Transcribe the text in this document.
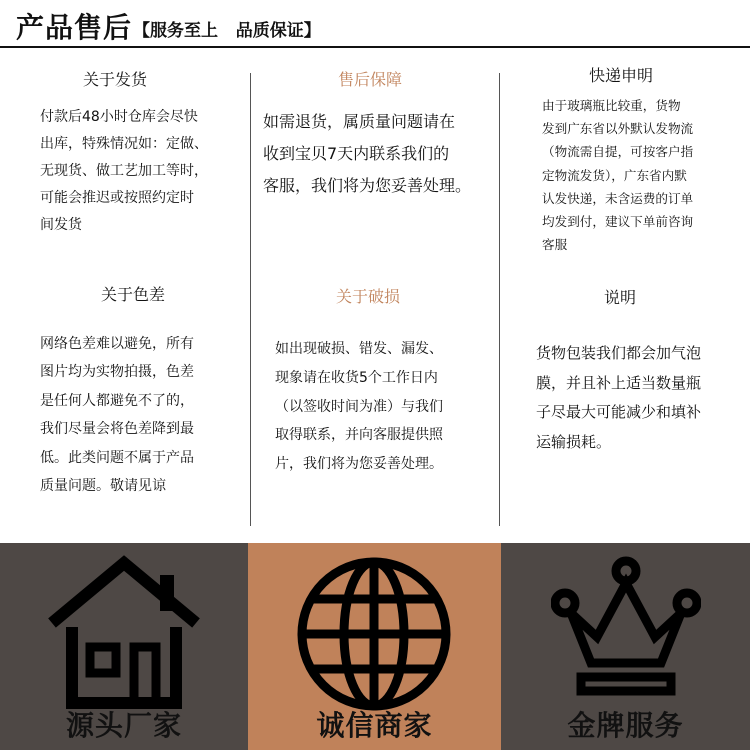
产品售后 【服务至上   品质保证】
关于发货
付款后48小时仓库会尽快
出库，特殊情况如：定做、
无现货、做工艺加工等时，
可能会推迟或按照约定时
间发货
售后保障
如需退货，属质量问题请在
收到宝贝7天内联系我们的
客服，我们将为您妥善处理。
快递申明
由于玻璃瓶比较重，货物
发到广东省以外默认发物流
（物流需自提，可按客户指
定物流发货），广东省内默
认发快递，未含运费的订单
均发到付，建议下单前咨询
客服
关于色差
网络色差难以避免，所有
图片均为实物拍摄，色差
是任何人都避免不了的，
我们尽量会将色差降到最
低。此类问题不属于产品
质量问题。敬请见谅
关于破损
如出现破损、错发、漏发、
现象请在收货5个工作日内
（以签收时间为准）与我们
取得联系，并向客服提供照
片，我们将为您妥善处理。
说明
货物包装我们都会加气泡
膜，并且补上适当数量瓶
子尽最大可能减少和填补
运输损耗。
源头厂家	诚信商家	金牌服务
